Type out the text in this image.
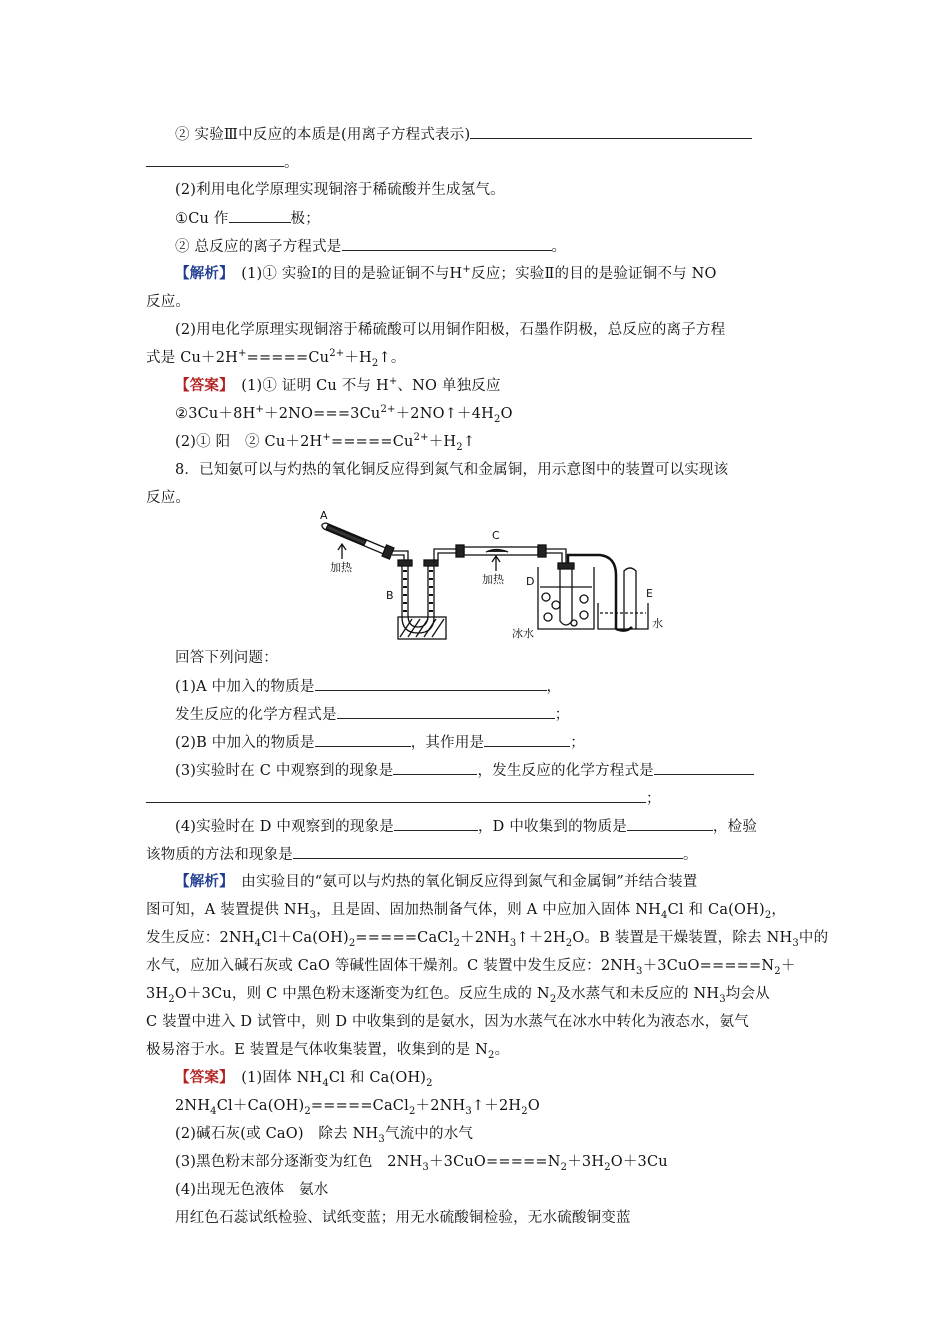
② 实验Ⅲ中反应的本质是(用离子方程式表示)
。
(2)利用电化学原理实现铜溶于稀硫酸并生成氢气。
①Cu 作	极；
② 总反应的离子方程式是	。
【解析】　 (1)① 实验Ⅰ的目的是验证铜不与H+反应；实验Ⅱ的目的是验证铜不与 NO
反应。
(2)用电化学原理实现铜溶于稀硫酸可以用铜作阳极，石墨作阴极，总反应的离子方程
式是 $Cu+2H^+=====Cu^{2+}+H_2↑$。
【答案】　 (1)① 证明 Cu 不与 H+、NO 单独反应
$②3Cu+8H^++2NO===3Cu^{2+}+2NO↑+4H_2O$
(2)① 阳　② $Cu+2H^+=====Cu^{2+}+H_2↑$
8．已知氨可以与灼热的氧化铜反应得到氮气和金属铜，用示意图中的装置可以实现该
反应。
A
加热
B
C
加热 D
E
水
冰水
回答下列问题：
(1)A 中加入的物质是	，
发生反应的化学方程式是	；
(2)B 中加入的物质是	，其作用是	；
(3)实验时在 C 中观察到的现象是	，发生反应的化学方程式是
；
(4)实验时在 D 中观察到的现象是	，D 中收集到的物质是	，检验
该物质的方法和现象是	。
【解析】　 由实验目的“氨可以与灼热的氧化铜反应得到氮气和金属铜”并结合装置
图可知，A 装置提供 $NH_3$，且是固、固加热制备气体，则 A 中应加入固体 $NH_4Cl$ 和 $Ca(OH)_2$，
发生反应：$2NH_4Cl+Ca(OH)_2=====CaCl_2+2NH_3↑+2H_2O$。B 装置是干燥装置，除去 $NH_3$中的
水气，应加入碱石灰或 CaO 等碱性固体干燥剂。C 装置中发生反应：$2NH_3+3CuO=====N_2+$
$3H_2O+3Cu$，则 C 中黑色粉末逐渐变为红色。反应生成的 $N_2$及水蒸气和未反应的 $NH_3$均会从
C 装置中进入 D 试管中，则 D 中收集到的是氨水，因为水蒸气在冰水中转化为液态水，氨气
极易溶于水。E 装置是气体收集装置，收集到的是 $N_2$。
【答案】　 (1)固体 $NH_4Cl$ 和 $Ca(OH)_2$
$2NH_4Cl+Ca(OH)_2=====CaCl_2+2NH_3↑+2H_2O$
(2)碱石灰(或 CaO)　除去 $NH_3$气流中的水气
(3)黑色粉末部分逐渐变为红色　$2NH_3+3CuO=====N_2+3H_2O+3Cu$
(4)出现无色液体　氨水
用红色石蕊试纸检验、试纸变蓝；用无水硫酸铜检验，无水硫酸铜变蓝
